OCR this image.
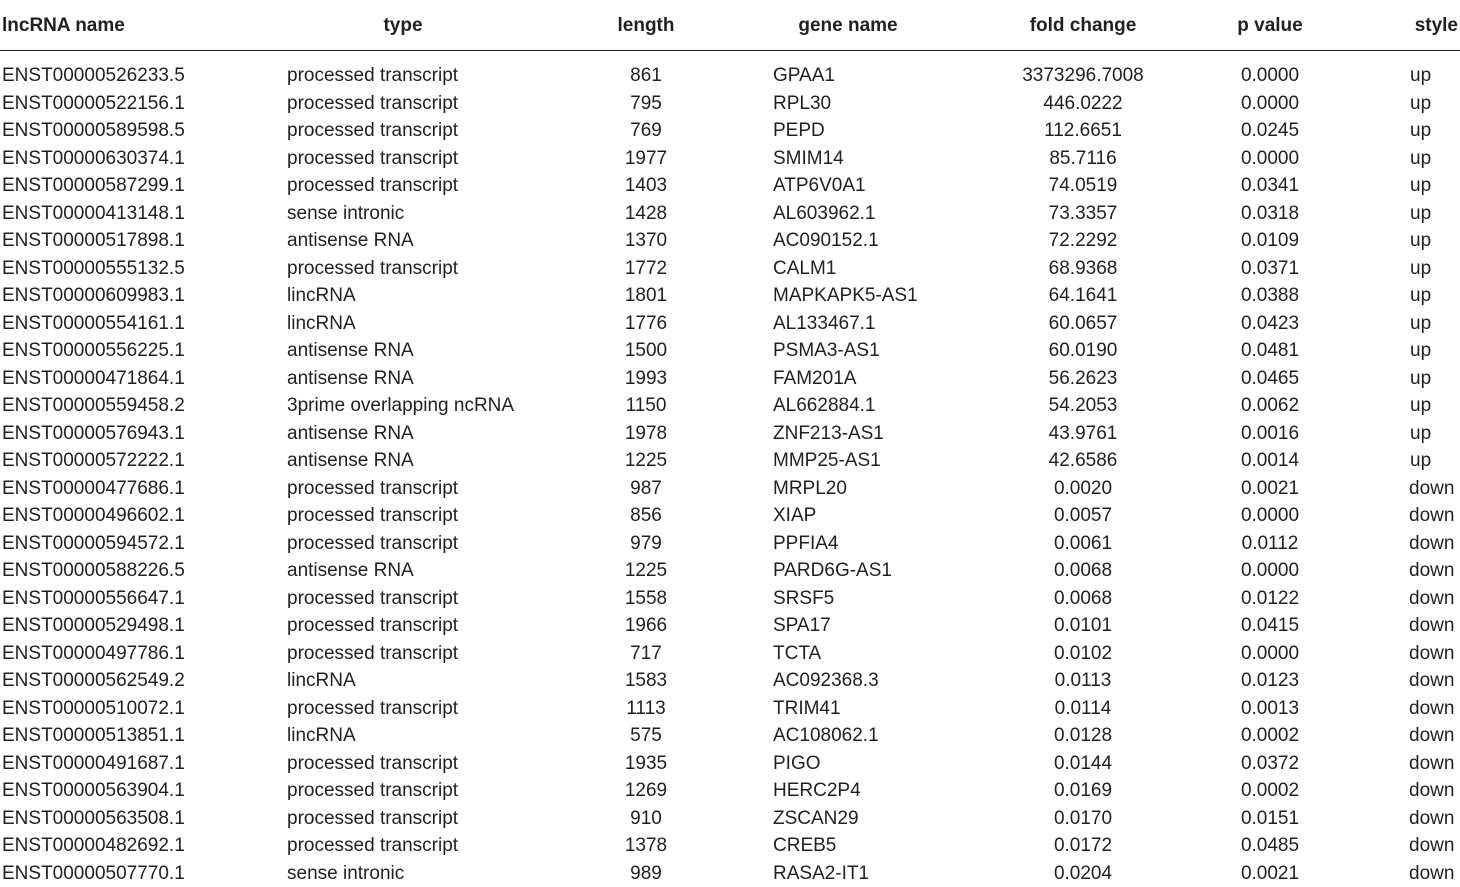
lncRNA name	type	length	gene name	fold change	p value	style
ENST00000526233.5	processed transcript	861	GPAA1	3373296.7008	0.0000	up
ENST00000522156.1	processed transcript	795	RPL30	446.0222	0.0000	up
ENST00000589598.5	processed transcript	769	PEPD	112.6651	0.0245	up
ENST00000630374.1	processed transcript	1977	SMIM14	85.7116	0.0000	up
ENST00000587299.1	processed transcript	1403	ATP6V0A1	74.0519	0.0341	up
ENST00000413148.1	sense intronic	1428	AL603962.1	73.3357	0.0318	up
ENST00000517898.1	antisense RNA	1370	AC090152.1	72.2292	0.0109	up
ENST00000555132.5	processed transcript	1772	CALM1	68.9368	0.0371	up
ENST00000609983.1	lincRNA	1801	MAPKAPK5-AS1	64.1641	0.0388	up
ENST00000554161.1	lincRNA	1776	AL133467.1	60.0657	0.0423	up
ENST00000556225.1	antisense RNA	1500	PSMA3-AS1	60.0190	0.0481	up
ENST00000471864.1	antisense RNA	1993	FAM201A	56.2623	0.0465	up
ENST00000559458.2	3prime overlapping ncRNA	1150	AL662884.1	54.2053	0.0062	up
ENST00000576943.1	antisense RNA	1978	ZNF213-AS1	43.9761	0.0016	up
ENST00000572222.1	antisense RNA	1225	MMP25-AS1	42.6586	0.0014	up
ENST00000477686.1	processed transcript	987	MRPL20	0.0020	0.0021	down
ENST00000496602.1	processed transcript	856	XIAP	0.0057	0.0000	down
ENST00000594572.1	processed transcript	979	PPFIA4	0.0061	0.0112	down
ENST00000588226.5	antisense RNA	1225	PARD6G-AS1	0.0068	0.0000	down
ENST00000556647.1	processed transcript	1558	SRSF5	0.0068	0.0122	down
ENST00000529498.1	processed transcript	1966	SPA17	0.0101	0.0415	down
ENST00000497786.1	processed transcript	717	TCTA	0.0102	0.0000	down
ENST00000562549.2	lincRNA	1583	AC092368.3	0.0113	0.0123	down
ENST00000510072.1	processed transcript	1113	TRIM41	0.0114	0.0013	down
ENST00000513851.1	lincRNA	575	AC108062.1	0.0128	0.0002	down
ENST00000491687.1	processed transcript	1935	PIGO	0.0144	0.0372	down
ENST00000563904.1	processed transcript	1269	HERC2P4	0.0169	0.0002	down
ENST00000563508.1	processed transcript	910	ZSCAN29	0.0170	0.0151	down
ENST00000482692.1	processed transcript	1378	CREB5	0.0172	0.0485	down
ENST00000507770.1	sense intronic	989	RASA2-IT1	0.0204	0.0021	down
